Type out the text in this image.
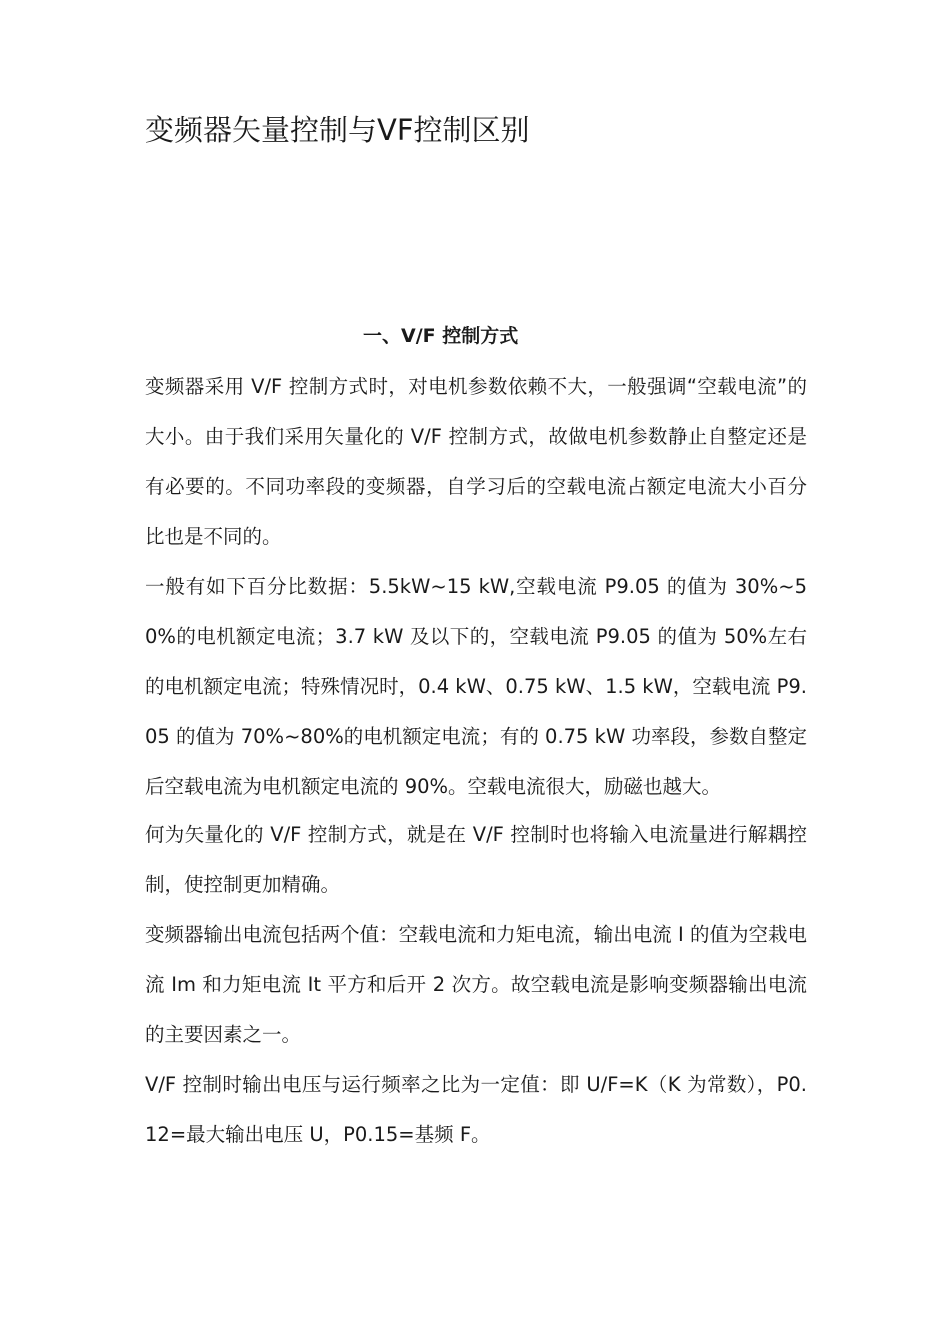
变频器矢量控制与VF控制区别
一、V/F 控制方式

变频器采用 V/F 控制方式时，对电机参数依赖不大，一般强调“空载电流”的大小。由于我们采用矢量化的 V/F 控制方式，故做电机参数静止自整定还是有必要的。不同功率段的变频器，自学习后的空载电流占额定电流大小百分比也是不同的。

一般有如下百分比数据：5.5kW~15 kW,空载电流 P9.05 的值为 30%~50%的电机额定电流；3.7 kW 及以下的，空载电流 P9.05 的值为 50%左右的电机额定电流；特殊情况时，0.4 kW、0.75 kW、1.5 kW，空载电流 P9.05 的值为 70%~80%的电机额定电流；有的 0.75 kW 功率段，参数自整定后空载电流为电机额定电流的 90%。空载电流很大，励磁也越大。

何为矢量化的 V/F 控制方式，就是在 V/F 控制时也将输入电流量进行解耦控制，使控制更加精确。

变频器输出电流包括两个值：空载电流和力矩电流，输出电流 I 的值为空栽电流 Im 和力矩电流 It 平方和后开 2 次方。故空载电流是影响变频器输出电流的主要因素之一。

V/F 控制时输出电压与运行频率之比为一定值：即 U/F=K（K 为常数），P0.12=最大输出电压 U，P0.15=基频 F。
